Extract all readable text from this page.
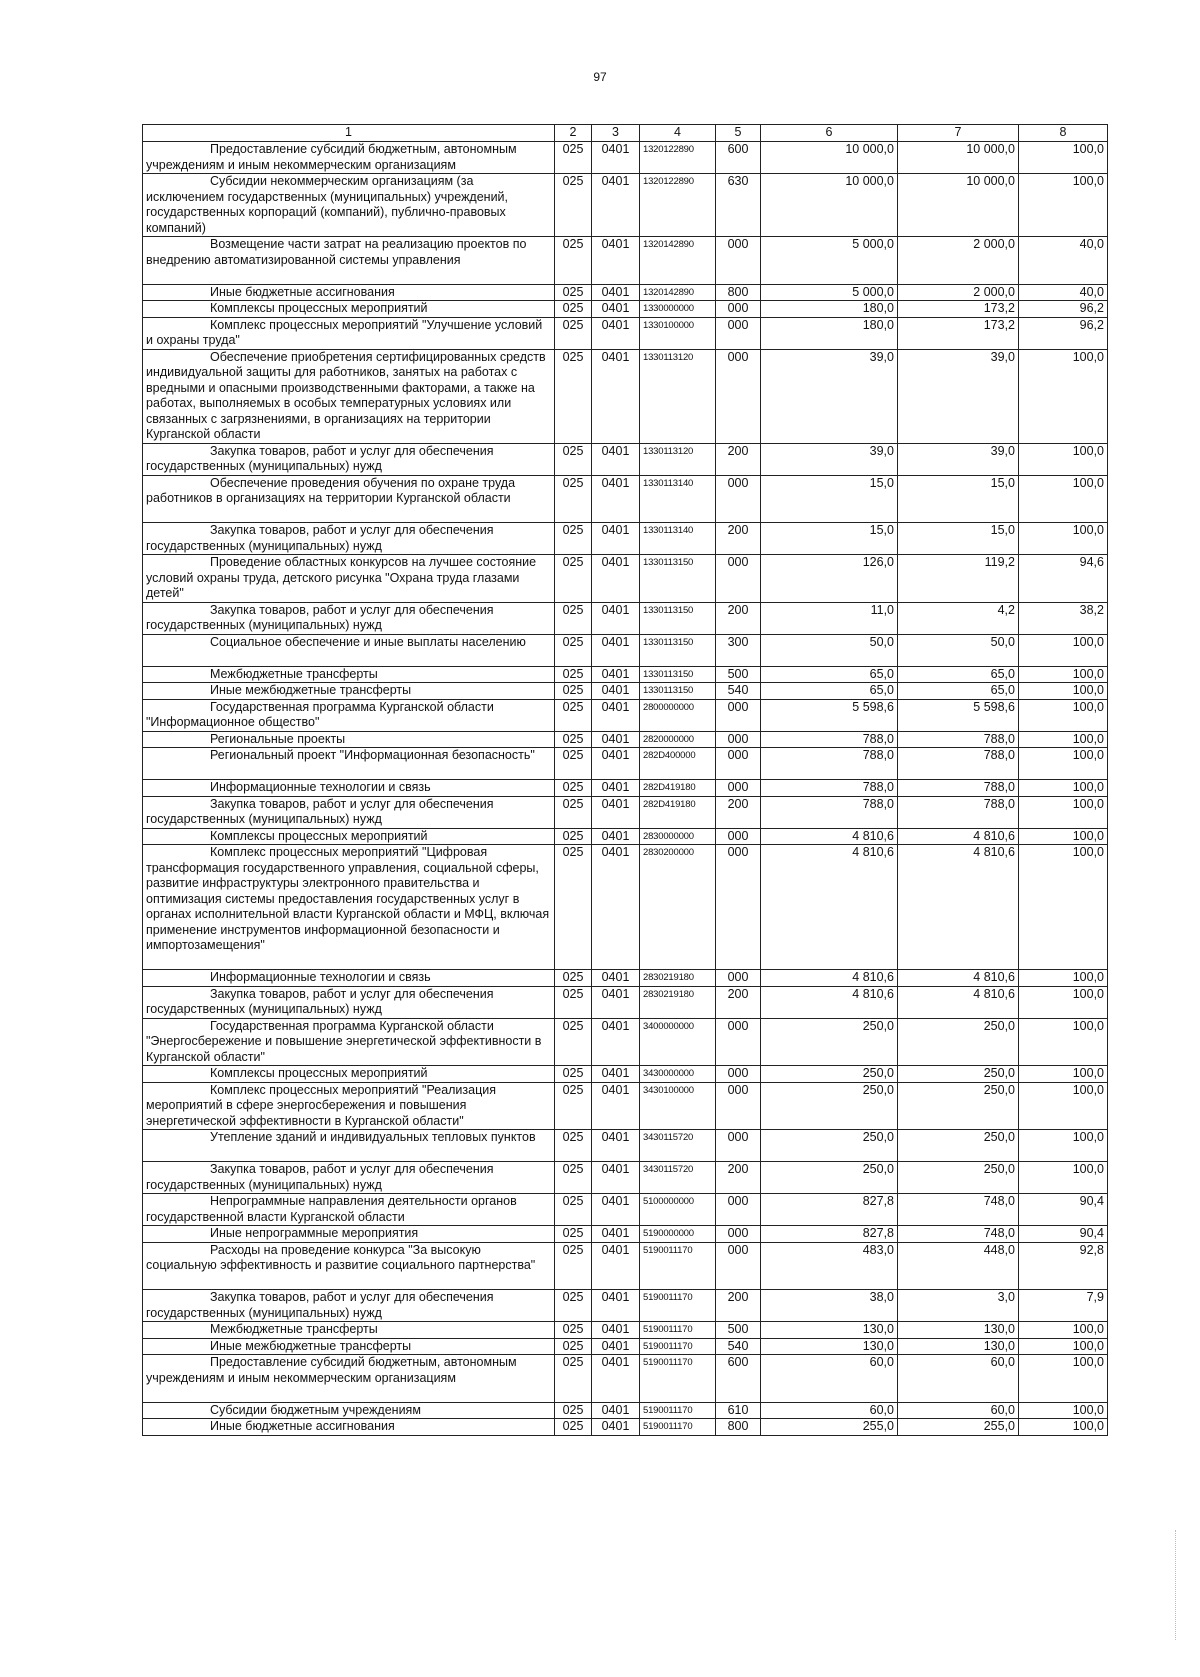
97
1	2	3	4	5	6	7	8
Предоставление субсидий бюджетным, автономным учреждениям и иным некоммерческим организациям	025	0401	1320122890	600	10 000,0	10 000,0	100,0
Субсидии некоммерческим организациям (за исключением государственных (муниципальных) учреждений, государственных корпораций (компаний), публично-правовых компаний)	025	0401	1320122890	630	10 000,0	10 000,0	100,0
Возмещение части затрат на реализацию проектов по внедрению автоматизированной системы управления	025	0401	1320142890	000	5 000,0	2 000,0	40,0
Иные бюджетные ассигнования	025	0401	1320142890	800	5 000,0	2 000,0	40,0
Комплексы процессных мероприятий	025	0401	1330000000	000	180,0	173,2	96,2
Комплекс процессных мероприятий "Улучшение условий и охраны труда"	025	0401	1330100000	000	180,0	173,2	96,2
Обеспечение приобретения сертифицированных средств индивидуальной защиты для работников, занятых на работах с вредными и опасными производственными факторами, а также на работах, выполняемых в особых температурных условиях или связанных с загрязнениями, в организациях на территории Курганской области	025	0401	1330113120	000	39,0	39,0	100,0
Закупка товаров, работ и услуг для обеспечения государственных (муниципальных) нужд	025	0401	1330113120	200	39,0	39,0	100,0
Обеспечение проведения обучения по охране труда работников в организациях на территории Курганской области	025	0401	1330113140	000	15,0	15,0	100,0
Закупка товаров, работ и услуг для обеспечения государственных (муниципальных) нужд	025	0401	1330113140	200	15,0	15,0	100,0
Проведение областных конкурсов на лучшее состояние условий охраны труда, детского рисунка "Охрана труда глазами детей"	025	0401	1330113150	000	126,0	119,2	94,6
Закупка товаров, работ и услуг для обеспечения государственных (муниципальных) нужд	025	0401	1330113150	200	11,0	4,2	38,2
Социальное обеспечение и иные выплаты населению	025	0401	1330113150	300	50,0	50,0	100,0
Межбюджетные трансферты	025	0401	1330113150	500	65,0	65,0	100,0
Иные межбюджетные трансферты	025	0401	1330113150	540	65,0	65,0	100,0
Государственная программа Курганской области "Информационное общество"	025	0401	2800000000	000	5 598,6	5 598,6	100,0
Региональные проекты	025	0401	2820000000	000	788,0	788,0	100,0
Региональный проект "Информационная безопасность"	025	0401	282D400000	000	788,0	788,0	100,0
Информационные технологии и связь	025	0401	282D419180	000	788,0	788,0	100,0
Закупка товаров, работ и услуг для обеспечения государственных (муниципальных) нужд	025	0401	282D419180	200	788,0	788,0	100,0
Комплексы процессных мероприятий	025	0401	2830000000	000	4 810,6	4 810,6	100,0
Комплекс процессных мероприятий "Цифровая трансформация государственного управления, социальной сферы, развитие инфраструктуры электронного правительства и оптимизация системы предоставления государственных услуг в органах исполнительной власти Курганской области и МФЦ, включая применение инструментов информационной безопасности и импортозамещения"	025	0401	2830200000	000	4 810,6	4 810,6	100,0
Информационные технологии и связь	025	0401	2830219180	000	4 810,6	4 810,6	100,0
Закупка товаров, работ и услуг для обеспечения государственных (муниципальных) нужд	025	0401	2830219180	200	4 810,6	4 810,6	100,0
Государственная программа Курганской области "Энергосбережение и повышение энергетической эффективности в Курганской области"	025	0401	3400000000	000	250,0	250,0	100,0
Комплексы процессных мероприятий	025	0401	3430000000	000	250,0	250,0	100,0
Комплекс процессных мероприятий "Реализация мероприятий в сфере энергосбережения и повышения энергетической эффективности в Курганской области"	025	0401	3430100000	000	250,0	250,0	100,0
Утепление зданий и индивидуальных тепловых пунктов	025	0401	3430115720	000	250,0	250,0	100,0
Закупка товаров, работ и услуг для обеспечения государственных (муниципальных) нужд	025	0401	3430115720	200	250,0	250,0	100,0
Непрограммные направления деятельности органов государственной власти Курганской области	025	0401	5100000000	000	827,8	748,0	90,4
Иные непрограммные мероприятия	025	0401	5190000000	000	827,8	748,0	90,4
Расходы на проведение конкурса "За высокую социальную эффективность и развитие социального партнерства"	025	0401	5190011170	000	483,0	448,0	92,8
Закупка товаров, работ и услуг для обеспечения государственных (муниципальных) нужд	025	0401	5190011170	200	38,0	3,0	7,9
Межбюджетные трансферты	025	0401	5190011170	500	130,0	130,0	100,0
Иные межбюджетные трансферты	025	0401	5190011170	540	130,0	130,0	100,0
Предоставление субсидий бюджетным, автономным учреждениям и иным некоммерческим организациям	025	0401	5190011170	600	60,0	60,0	100,0
Субсидии бюджетным учреждениям	025	0401	5190011170	610	60,0	60,0	100,0
Иные бюджетные ассигнования	025	0401	5190011170	800	255,0	255,0	100,0
